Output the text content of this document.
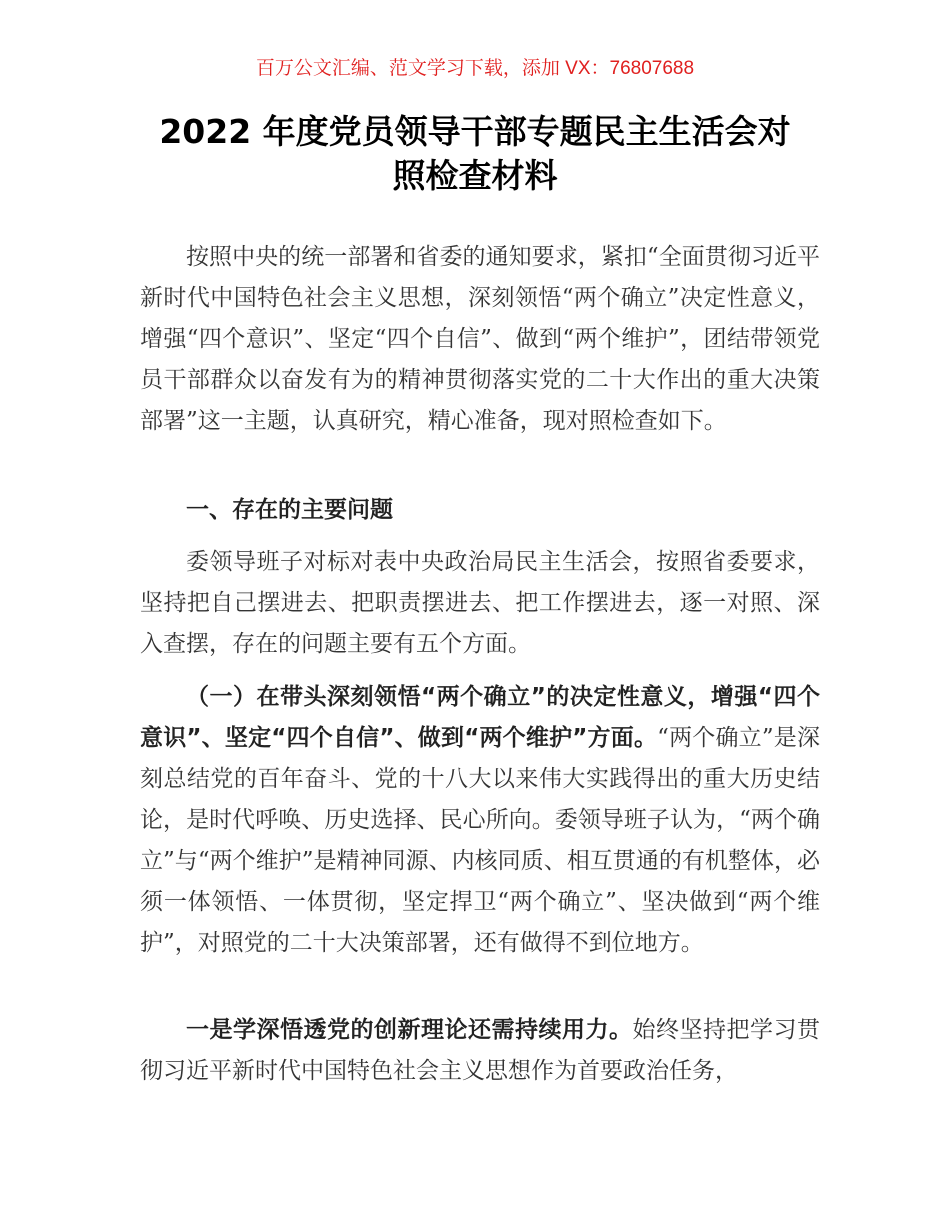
百万公文汇编、范文学习下载，添加 VX：76807688
2022 年度党员领导干部专题民主生活会对
照检查材料

按照中央的统一部署和省委的通知要求，紧扣“全面贯彻习近平新时代中国特色社会主义思想，深刻领悟“两个确立”决定性意义，增强“四个意识”、坚定“四个自信”、做到“两个维护”，团结带领党员干部群众以奋发有为的精神贯彻落实党的二十大作出的重大决策部署”这一主题，认真研究，精心准备，现对照检查如下。

一、存在的主要问题

委领导班子对标对表中央政治局民主生活会，按照省委要求，坚持把自己摆进去、把职责摆进去、把工作摆进去，逐一对照、深入查摆，存在的问题主要有五个方面。

（一）在带头深刻领悟“两个确立”的决定性意义，增强“四个意识”、坚定“四个自信”、做到“两个维护”方面。“两个确立”是深刻总结党的百年奋斗、党的十八大以来伟大实践得出的重大历史结论，是时代呼唤、历史选择、民心所向。委领导班子认为，“两个确立”与“两个维护”是精神同源、内核同质、相互贯通的有机整体，必须一体领悟、一体贯彻，坚定捍卫“两个确立”、坚决做到“两个维护”，对照党的二十大决策部署，还有做得不到位地方。

一是学深悟透党的创新理论还需持续用力。始终坚持把学习贯彻习近平新时代中国特色社会主义思想作为首要政治任务，
